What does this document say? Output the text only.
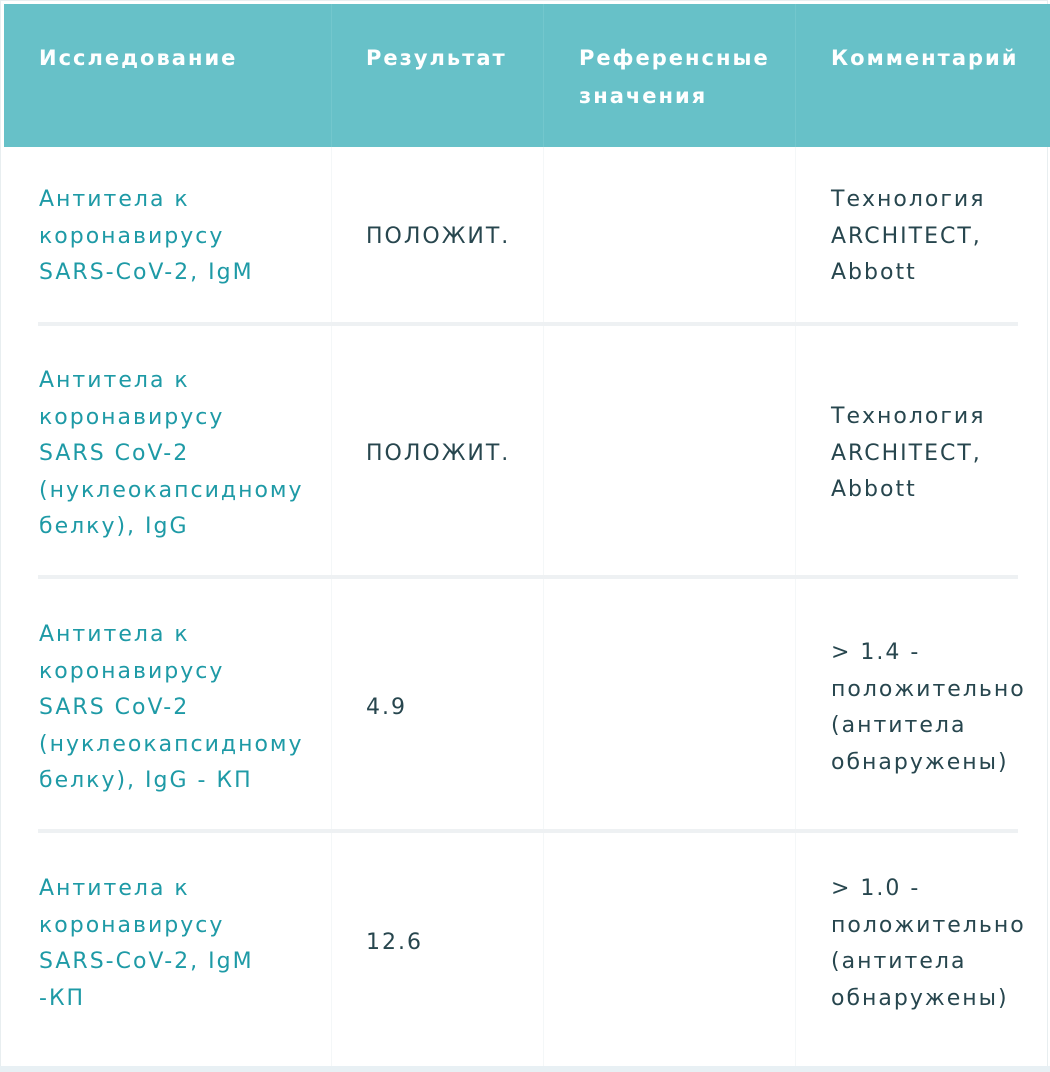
Исследование	Результат	Референсные
значения
Комментарий
Антитела к
коронавирусу
SARS-CoV-2, IgM
ПОЛОЖИТ.
Технология
ARCHITECT,
Abbott
Антитела к
коронавирусу
SARS CoV-2
(нуклеокапсидному
белку), IgG
ПОЛОЖИТ.
Технология
ARCHITECT,
Abbott
Антитела к
коронавирусу
SARS CoV-2
(нуклеокапсидному
белку), IgG - КП
4.9
> 1.4 -
положительно
(антитела
обнаружены)
Антитела к
коронавирусу
SARS-CoV-2, IgM
-КП
12.6
> 1.0 -
положительно
(антитела
обнаружены)
